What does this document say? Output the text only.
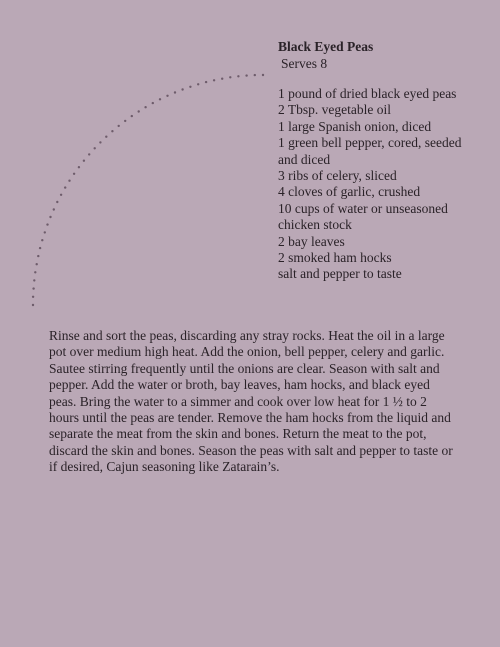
Black Eyed Peas

Serves 8

1 pound of dried black eyed peas
2 Tbsp. vegetable oil
1 large Spanish onion, diced
1 green bell pepper, cored, seeded and diced
3 ribs of celery, sliced
4 cloves of garlic, crushed
10 cups of water or unseasoned chicken stock
2 bay leaves
2 smoked ham hocks
salt and pepper to taste

Rinse and sort the peas, discarding any stray rocks. Heat the oil in a large pot over medium high heat. Add the onion, bell pepper, celery and garlic. Sautee stirring frequently until the onions are clear. Season with salt and pepper. Add the water or broth, bay leaves, ham hocks, and black eyed peas. Bring the water to a simmer and cook over low heat for 1 ½ to 2 hours until the peas are tender. Remove the ham hocks from the liquid and separate the meat from the skin and bones. Return the meat to the pot, discard the skin and bones. Season the peas with salt and pepper to taste or if desired, Cajun seasoning like Zatarain’s.
